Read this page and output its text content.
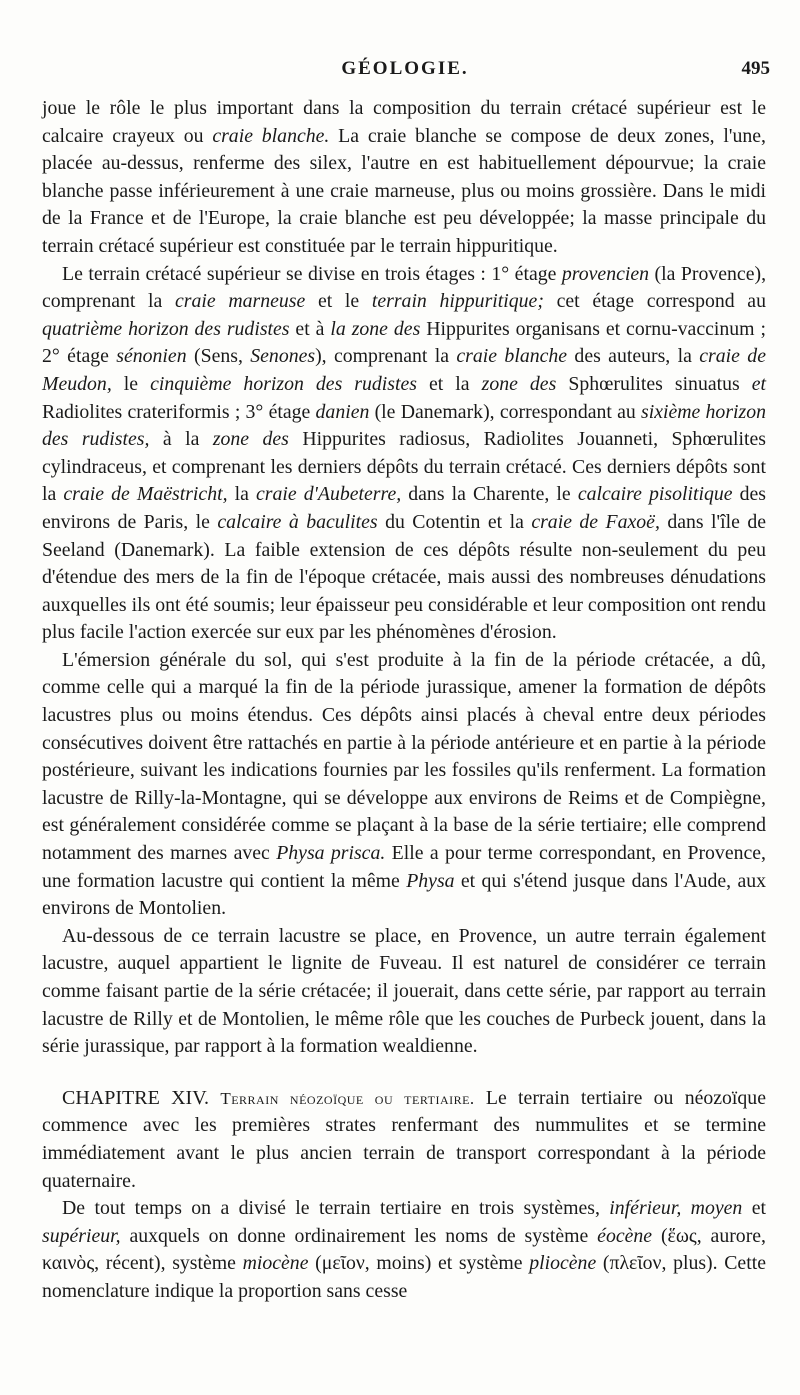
GÉOLOGIE.	495

joue le rôle le plus important dans la composition du terrain crétacé supérieur est le calcaire crayeux ou craie blanche. La craie blanche se compose de deux zones, l'une, placée au-dessus, renferme des silex, l'autre en est habituellement dépourvue; la craie blanche passe inférieurement à une craie marneuse, plus ou moins grossière. Dans le midi de la France et de l'Europe, la craie blanche est peu développée; la masse principale du terrain crétacé supérieur est constituée par le terrain hippuritique.

Le terrain crétacé supérieur se divise en trois étages : 1° étage provencien (la Provence), comprenant la craie marneuse et le terrain hippuritique; cet étage correspond au quatrième horizon des rudistes et à la zone des Hippurites organisans et cornu-vaccinum ; 2° étage sénonien (Sens, Senones), comprenant la craie blanche des auteurs, la craie de Meudon, le cinquième horizon des rudistes et la zone des Sphœrulites sinuatus et Radiolites crateriformis ; 3° étage danien (le Danemark), correspondant au sixième horizon des rudistes, à la zone des Hippurites radiosus, Radiolites Jouanneti, Sphœrulites cylindraceus, et comprenant les derniers dépôts du terrain crétacé. Ces derniers dépôts sont la craie de Maëstricht, la craie d'Aubeterre, dans la Charente, le calcaire pisolitique des environs de Paris, le calcaire à baculites du Cotentin et la craie de Faxoë, dans l'île de Seeland (Danemark). La faible extension de ces dépôts résulte non-seulement du peu d'étendue des mers de la fin de l'époque crétacée, mais aussi des nombreuses dénudations auxquelles ils ont été soumis; leur épaisseur peu considérable et leur composition ont rendu plus facile l'action exercée sur eux par les phénomènes d'érosion.

L'émersion générale du sol, qui s'est produite à la fin de la période crétacée, a dû, comme celle qui a marqué la fin de la période jurassique, amener la formation de dépôts lacustres plus ou moins étendus. Ces dépôts ainsi placés à cheval entre deux périodes consécutives doivent être rattachés en partie à la période antérieure et en partie à la période postérieure, suivant les indications fournies par les fossiles qu'ils renferment. La formation lacustre de Rilly-la-Montagne, qui se développe aux environs de Reims et de Compiègne, est généralement considérée comme se plaçant à la base de la série tertiaire; elle comprend notamment des marnes avec Physa prisca. Elle a pour terme correspondant, en Provence, une formation lacustre qui contient la même Physa et qui s'étend jusque dans l'Aude, aux environs de Montolien.

Au-dessous de ce terrain lacustre se place, en Provence, un autre terrain également lacustre, auquel appartient le lignite de Fuveau. Il est naturel de considérer ce terrain comme faisant partie de la série crétacée; il jouerait, dans cette série, par rapport au terrain lacustre de Rilly et de Montolien, le même rôle que les couches de Purbeck jouent, dans la série jurassique, par rapport à la formation wealdienne.

CHAPITRE XIV. Terrain néozoïque ou tertiaire. Le terrain tertiaire ou néozoïque commence avec les premières strates renfermant des nummulites et se termine immédiatement avant le plus ancien terrain de transport correspondant à la période quaternaire.

De tout temps on a divisé le terrain tertiaire en trois systèmes, inférieur, moyen et supérieur, auxquels on donne ordinairement les noms de système éocène (ἕως, aurore, καινὸς, récent), système miocène (μεῖον, moins) et système pliocène (πλεῖον, plus). Cette nomenclature indique la proportion sans cesse
